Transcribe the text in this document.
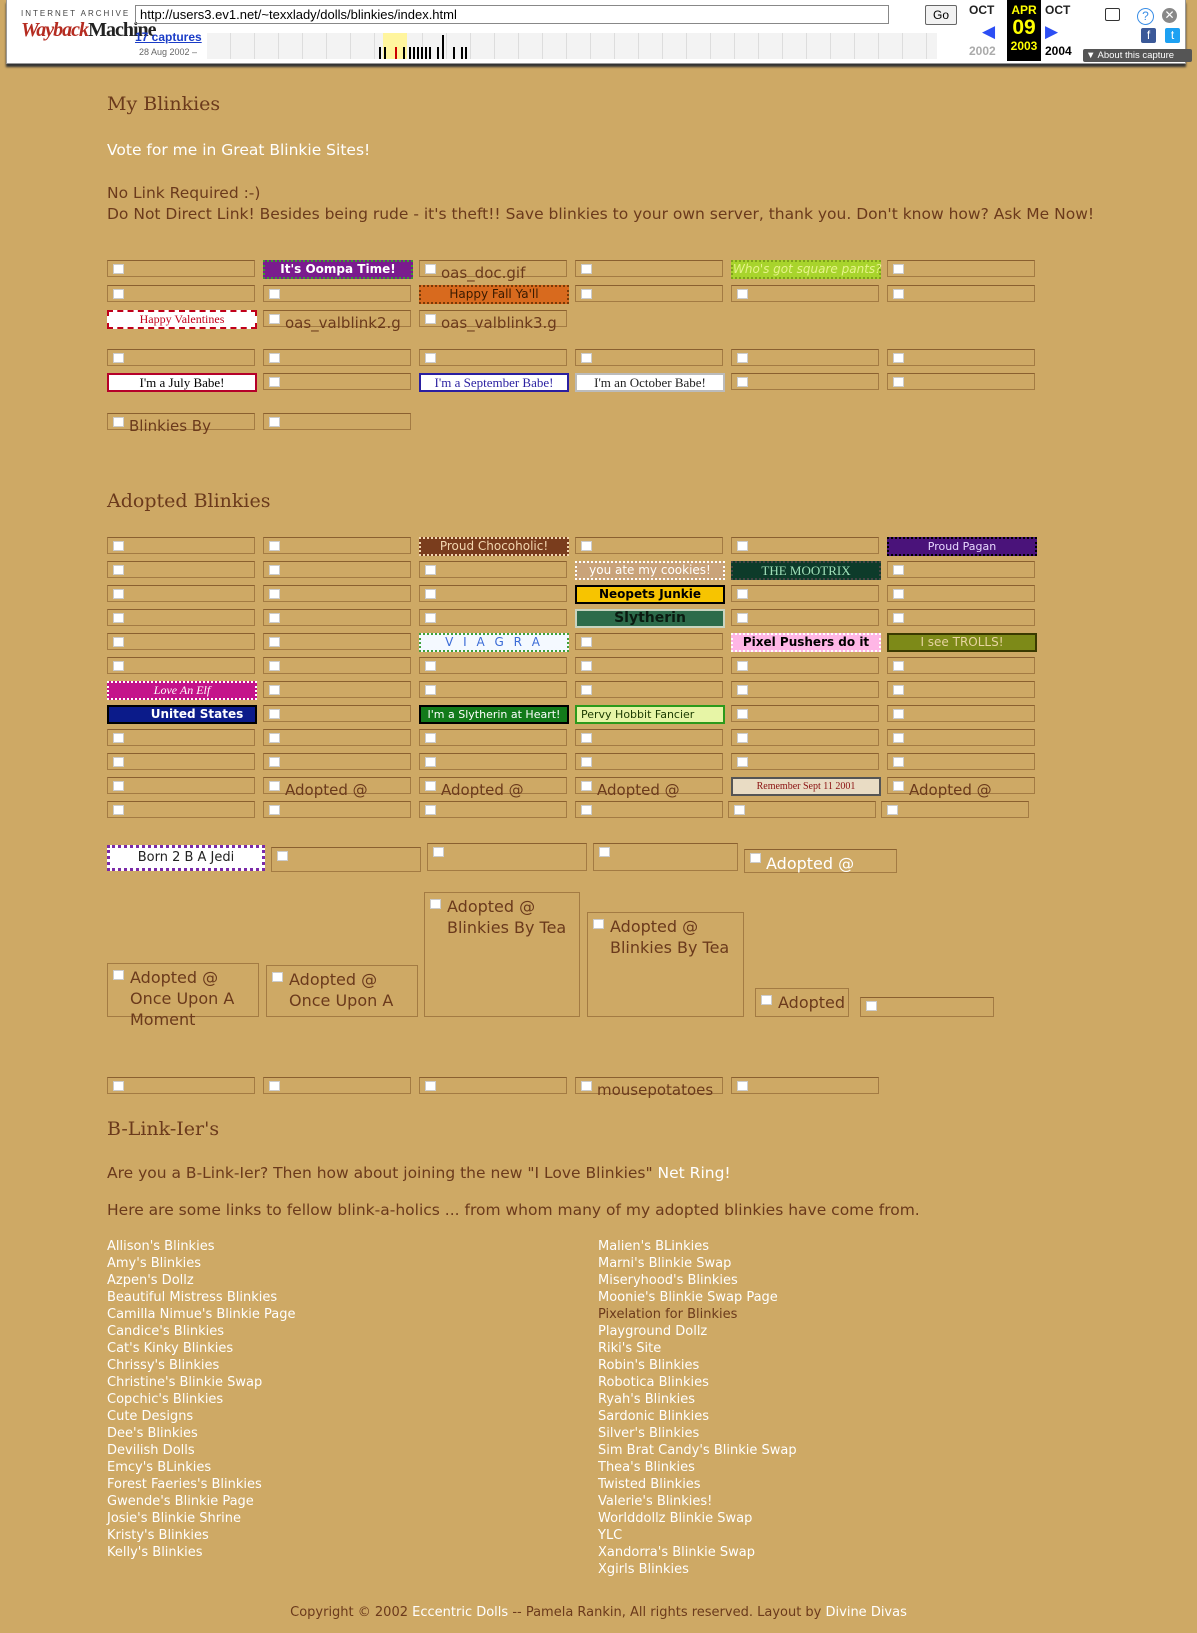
INTERNET ARCHIVE
WaybackMachine
http://users3.ev1.net/~texxlady/dolls/blinkies/index.html	Go
17 captures
28 Aug 2002 –
OCT
◀
2002
APR
09
2003
OCT
▶
2004
?	✕
f	t
▼ About this capture
My Blinkies
Vote for me in Great Blinkie Sites!
No Link Required :-)
Do Not Direct Link! Besides being rude - it's theft!! Save blinkies to your own server, thank you. Don't know how? Ask Me Now!
It's Oompa Time!	oas_doc.gif	Who's got square pants?
Happy Fall Ya'll
Happy Valentines	oas_valblink2.g	oas_valblink3.g
I'm a July Babe!	I'm a September Babe!	I'm an October Babe!
Blinkies By
Adopted Blinkies
Proud Chocoholic!	Proud Pagan
you ate my cookies!	THE MOOTRIX
Neopets Junkie
Slytherin
V I A G R A	Pixel Pushers do it	I see TROLLS!
Love An Elf
United States	I'm a Slytherin at Heart!	Pervy Hobbit Fancier
Adopted @	Adopted @	Adopted @	Remember Sept 11 2001	Adopted @
Born 2 B A Jedi	Adopted @
Adopted @ Once Upon A Moment
Adopted @ Once Upon A
Adopted @ Blinkies By Tea	Adopted @ Blinkies By Tea
Adopted
mousepotatoes
B-Link-Ier's
Are you a B-Link-Ier? Then how about joining the new "I Love Blinkies" Net Ring!
Here are some links to fellow blink-a-holics ... from whom many of my adopted blinkies have come from.
Allison's Blinkies
Amy's Blinkies
Azpen's Dollz
Beautiful Mistress Blinkies
Camilla Nimue's Blinkie Page
Candice's Blinkies
Cat's Kinky Blinkies
Chrissy's Blinkies
Christine's Blinkie Swap
Copchic's Blinkies
Cute Designs
Dee's Blinkies
Devilish Dolls
Emcy's BLinkies
Forest Faeries's Blinkies
Gwende's Blinkie Page
Josie's Blinkie Shrine
Kristy's Blinkies
Kelly's Blinkies
Malien's BLinkies
Marni's Blinkie Swap
Miseryhood's Blinkies
Moonie's Blinkie Swap Page
Pixelation for Blinkies
Playground Dollz
Riki's Site
Robin's Blinkies
Robotica Blinkies
Ryah's Blinkies
Sardonic Blinkies
Silver's Blinkies
Sim Brat Candy's Blinkie Swap
Thea's Blinkies
Twisted Blinkies
Valerie's Blinkies!
Worlddollz Blinkie Swap
YLC
Xandorra's Blinkie Swap
Xgirls Blinkies
Copyright © 2002 Eccentric Dolls -- Pamela Rankin, All rights reserved. Layout by Divine Divas
